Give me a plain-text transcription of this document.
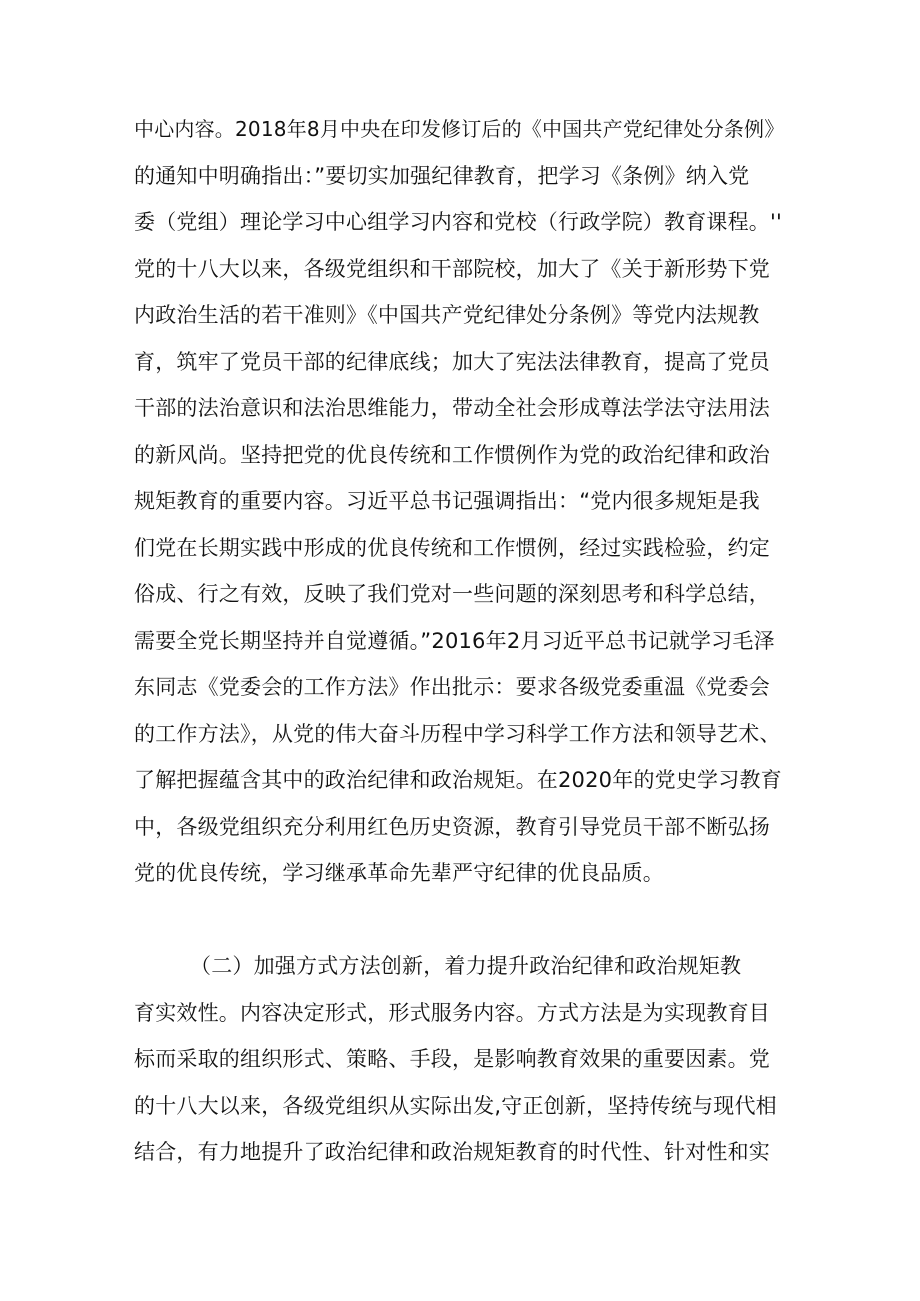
中心内容。2018年8月中央在印发修订后的《中国共产党纪律处分条例》
的通知中明确指出：”要切实加强纪律教育，把学习《条例》纳入党
委（党组）理论学习中心组学习内容和党校（行政学院）教育课程。''
党的十八大以来，各级党组织和干部院校，加大了《关于新形势下党
内政治生活的若干准则》《中国共产党纪律处分条例》等党内法规教
育，筑牢了党员干部的纪律底线；加大了宪法法律教育，提高了党员
干部的法治意识和法治思维能力，带动全社会形成尊法学法守法用法
的新风尚。坚持把党的优良传统和工作惯例作为党的政治纪律和政治
规矩教育的重要内容。习近平总书记强调指出：“党内很多规矩是我
们党在长期实践中形成的优良传统和工作惯例，经过实践检验，约定
俗成、行之有效，反映了我们党对一些问题的深刻思考和科学总结，
需要全党长期坚持并自觉遵循。”2016年2月习近平总书记就学习毛泽
东同志《党委会的工作方法》作出批示：要求各级党委重温《党委会
的工作方法》，从党的伟大奋斗历程中学习科学工作方法和领导艺术、
了解把握蕴含其中的政治纪律和政治规矩。在2020年的党史学习教育
中，各级党组织充分利用红色历史资源，教育引导党员干部不断弘扬
党的优良传统，学习继承革命先辈严守纪律的优良品质。
（二）加强方式方法创新，着力提升政治纪律和政治规矩教
育实效性。内容决定形式，形式服务内容。方式方法是为实现教育目
标而采取的组织形式、策略、手段，是影响教育效果的重要因素。党
的十八大以来，各级党组织从实际出发,守正创新，坚持传统与现代相
结合，有力地提升了政治纪律和政治规矩教育的时代性、针对性和实
